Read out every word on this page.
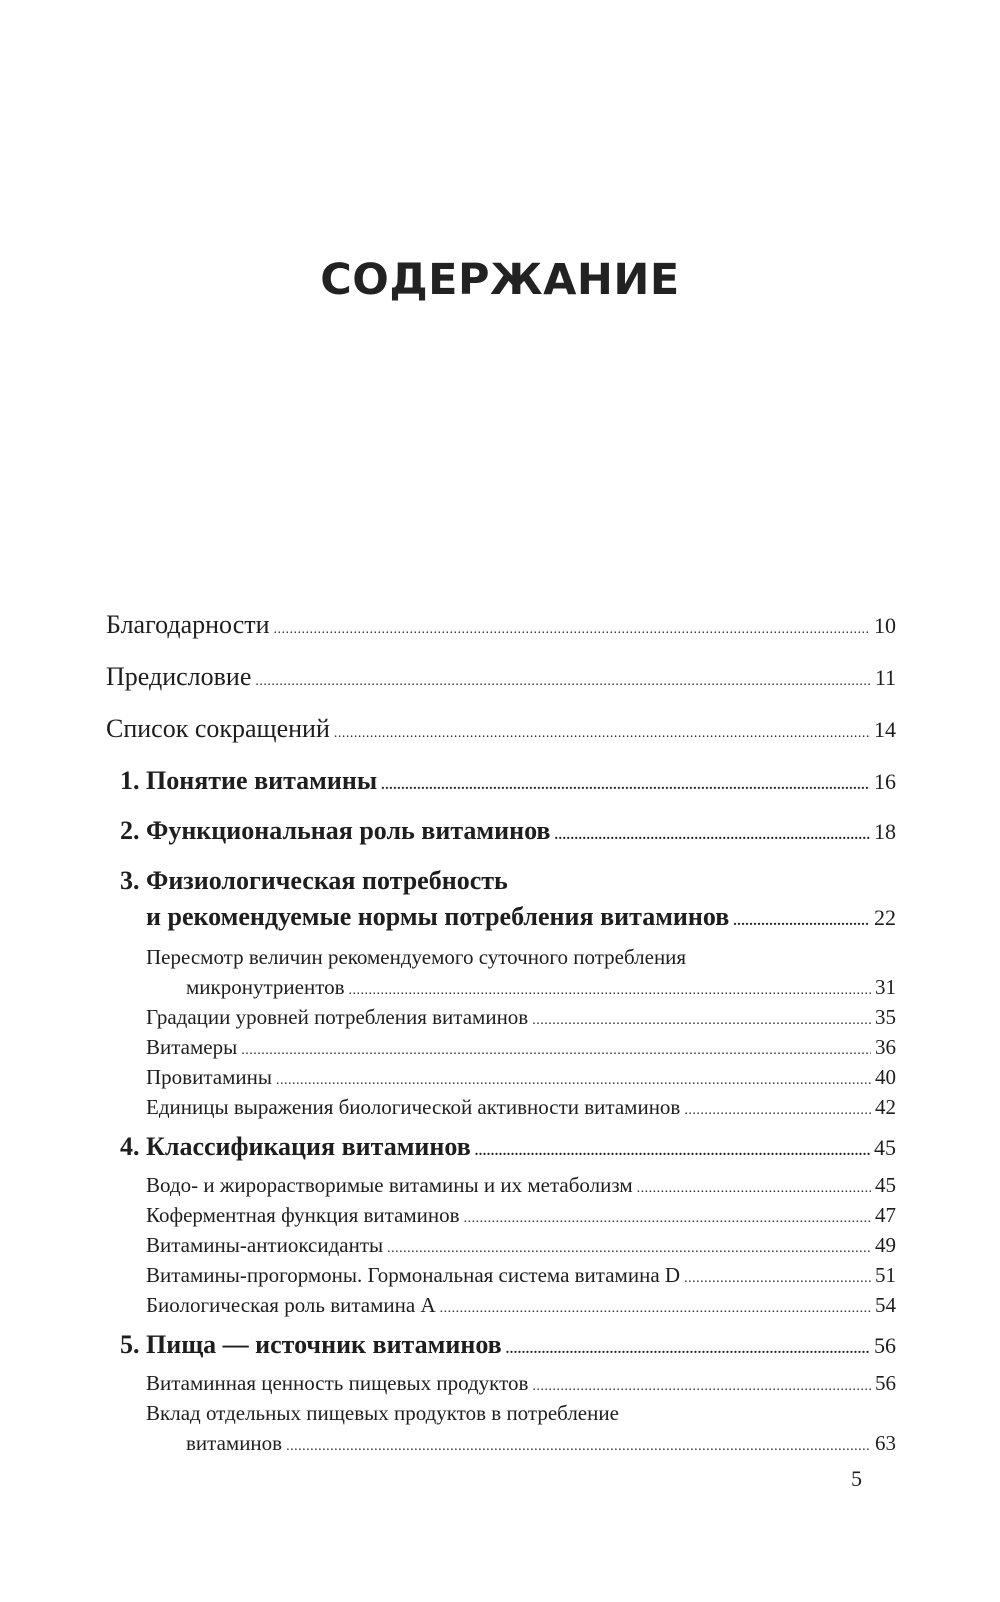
СОДЕРЖАНИЕ
Благодарности . . .	10
Предисловие . . .	11
Список сокращений . . .	14
1. Понятие витамины . . .	16
2. Функциональная роль витаминов . . .	18
3. Физиологическая потребность
и рекомендуемые нормы потребления витаминов . . .	22
Пересмотр величин рекомендуемого суточного потребления
микронутриентов . . .	31
Градации уровней потребления витаминов . . .	35
Витамеры . . .	36
Провитамины . . .	40
Единицы выражения биологической активности витаминов . . .	42
4. Классификация витаминов . . .	45
Водо- и жирорастворимые витамины и их метаболизм . . .	45
Коферментная функция витаминов . . .	47
Витамины-антиоксиданты . . .	49
Витамины-прогормоны. Гормональная система витамина D . . .	51
Биологическая роль витамина А . . .	54
5. Пища — источник витаминов . . .	56
Витаминная ценность пищевых продуктов . . .	56
Вклад отдельных пищевых продуктов в потребление
витаминов . . .	63
5
